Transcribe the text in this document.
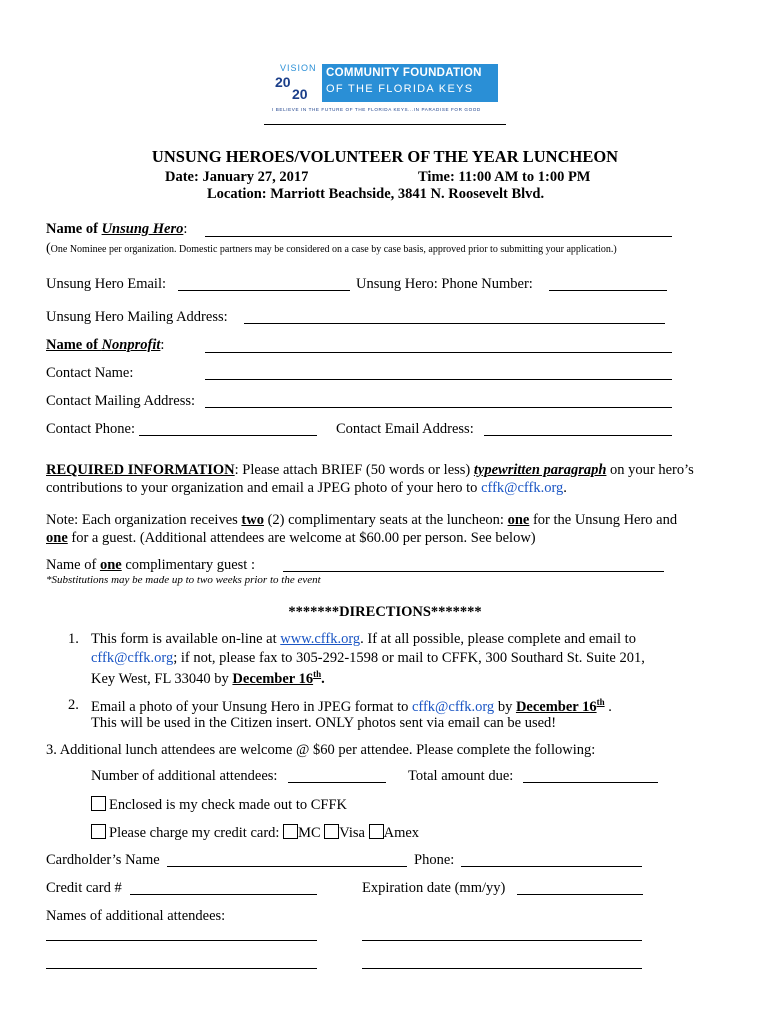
VISION
20
20
COMMUNITY FOUNDATION
OF THE FLORIDA KEYS
I BELIEVE IN THE FUTURE OF THE FLORIDA KEYS...IN PARADISE FOR GOOD
UNSUNG HEROES/VOLUNTEER OF THE YEAR LUNCHEON
Date: January 27, 2017	Time: 11:00 AM to 1:00 PM
Location: Marriott Beachside, 3841 N. Roosevelt Blvd.
Name of Unsung Hero:
(One Nominee per organization. Domestic partners may be considered on a case by case basis, approved prior to submitting your application.)
Unsung Hero Email:	Unsung Hero: Phone Number:
Unsung Hero Mailing Address:
Name of Nonprofit:
Contact Name:
Contact Mailing Address:
Contact Phone:	Contact Email Address:
REQUIRED INFORMATION: Please attach BRIEF (50 words or less) typewritten paragraph on your hero’s
contributions to your organization and email a JPEG photo of your hero to cffk@cffk.org.
Note: Each organization receives two (2) complimentary seats at the luncheon: one for the Unsung Hero and
one for a guest. (Additional attendees are welcome at $60.00 per person. See below)
Name of one complimentary guest :
*Substitutions may be made up to two weeks prior to the event
*******DIRECTIONS*******
1. This form is available on-line at www.cffk.org. If at all possible, please complete and email to
cffk@cffk.org; if not, please fax to 305-292-1598 or mail to CFFK, 300 Southard St. Suite 201,
Key West, FL 33040 by December 16th.
2. Email a photo of your Unsung Hero in JPEG format to cffk@cffk.org by December 16th .
This will be used in the Citizen insert. ONLY photos sent via email can be used!
3. Additional lunch attendees are welcome @ $60 per attendee. Please complete the following:
Number of additional attendees:	Total amount due:
Enclosed is my check made out to CFFK
Please charge my credit card: MC Visa Amex
Cardholder’s Name	Phone:
Credit card #	Expiration date (mm/yy)
Names of additional attendees:
